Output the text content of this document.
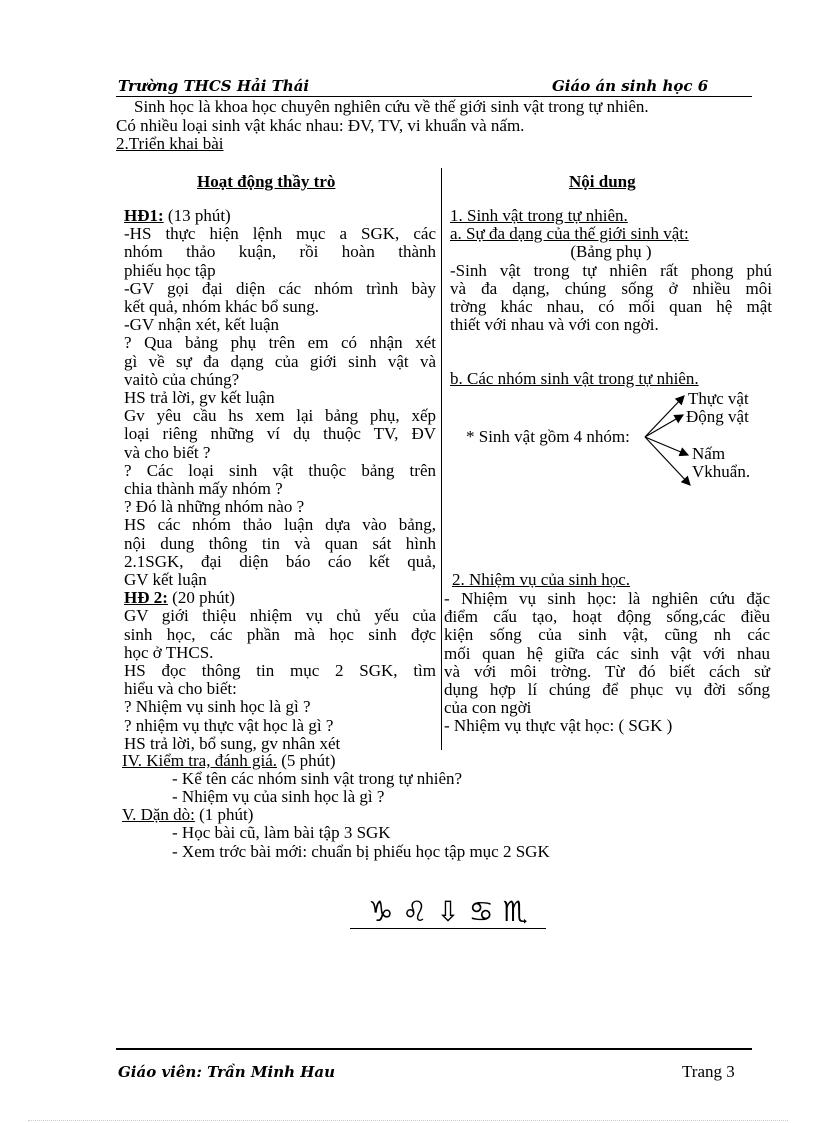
Trường THCS Hải Thái	Giáo án sinh học 6
Sinh học là khoa học chuyên nghiên cứu về thế giới sinh vật trong tự nhiên.
Có nhiều loại sinh vật khác nhau: ĐV, TV, vi khuẩn và nấm.
2.Triển khai bài
Hoạt động thầy trò	Nội dung
HĐ1: (13 phút)
-HS thực hiện lệnh mục a SGK, các
nhóm thảo kuận, rồi hoàn thành
phiếu học tập
-GV gọi đại diện các nhóm trình bày
kết quả, nhóm khác bổ sung.
-GV nhận xét, kết luận
? Qua bảng phụ trên em có nhận xét
gì về sự đa dạng của giới sinh vật và
vaitò của chúng?
HS trả lời, gv kết luận
Gv yêu cầu hs xem lại bảng phụ, xếp
loại riêng những ví dụ thuộc TV, ĐV
và cho biết ?
? Các loại sinh vật thuộc bảng trên
chia thành mấy nhóm ?
? Đó là những nhóm nào ?
HS các nhóm thảo luận dựa vào bảng,
nội dung thông tin và quan sát hình
2.1SGK, đại diện báo cáo kết quả,
GV kết luận
HĐ 2: (20 phút)
GV giới thiệu nhiệm vụ chủ yếu của
sinh học, các phần mà học sinh đợc
học ở THCS.
HS đọc thông tin mục 2 SGK, tìm
hiểu và cho biết:
? Nhiệm vụ sinh học là gì ?
? nhiệm vụ thực vật học là gì ?
HS trả lời, bổ sung, gv nhân xét
1. Sinh vật trong tự nhiên.
a. Sự đa dạng của thế giới sinh vật:
(Bảng phụ )
-Sinh vật trong tự nhiên rất phong phú
và đa dạng, chúng sống ở nhiều môi
trờng khác nhau, có mối quan hệ mật
thiết với nhau và với con ngời.
b. Các nhóm sinh vật trong tự nhiên.
* Sinh vật gồm 4 nhóm:
Thực vật
Động vật
Nấm
Vkhuẩn.
2. Nhiệm vụ của sinh học.
- Nhiệm vụ sinh học: là nghiên cứu đặc
điểm cấu tạo, hoạt động sống,các điều
kiện sống của sinh vật, cũng nh các
mối quan hệ giữa các sinh vật với nhau
và với môi trờng. Từ đó biết cách sử
dụng hợp lí chúng để phục vụ đời sống
của con ngời
- Nhiệm vụ thực vật học: ( SGK )
IV. Kiểm tra, đánh giá. (5 phút)
- Kể tên các nhóm sinh vật trong tự nhiên?
- Nhiệm vụ của sinh học là gì ?
V. Dặn dò: (1 phút)
- Học bài cũ, làm bài tập 3 SGK
- Xem trớc bài mới: chuẩn bị phiếu học tập mục 2 SGK
♑ ♌ ⇩ ♋ ♏
Giáo viên: Trần Minh Hau	Trang 3
